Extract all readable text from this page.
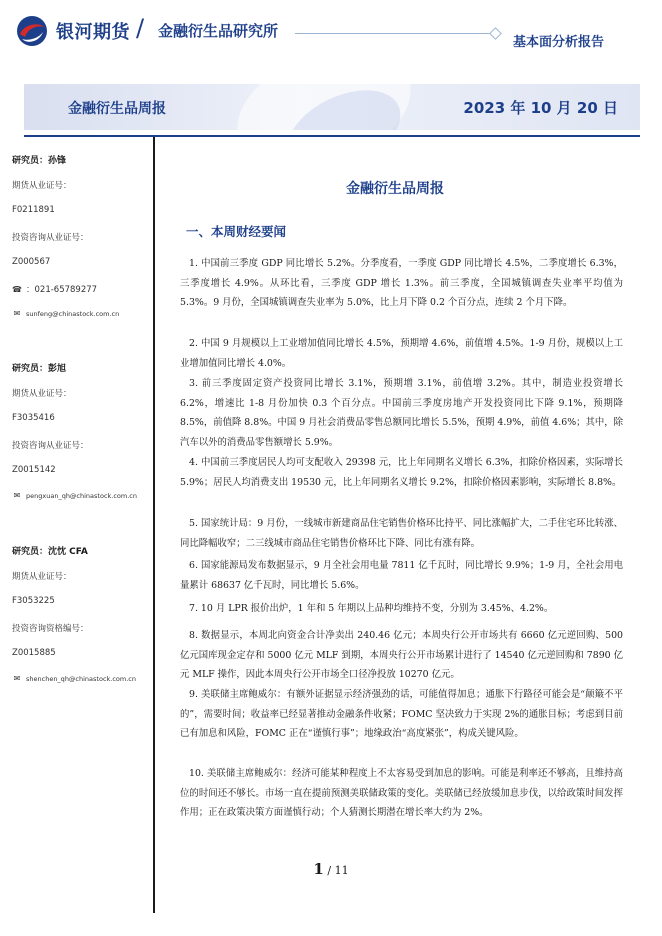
银河期货 / 金融衍生品研究所
基本面分析报告
金融衍生品周报	2023 年 10 月 20 日
研究员：孙锋
期货从业证号：
F0211891
投资咨询从业证号：
Z000567
☎ ：021-65789277
✉ sunfeng@chinastock.com.cn
研究员：彭旭
期货从业证号：
F3035416
投资咨询从业证号：
Z0015142
✉ pengxuan_qh@chinastock.com.cn
研究员：沈忱 CFA
期货从业证号：
F3053225
投资咨询资格编号：
Z0015885
✉ shenchen_qh@chinastock.com.cn
金融衍生品周报
一、本周财经要闻

1. 中国前三季度 GDP 同比增长 5.2%。分季度看，一季度 GDP 同比增长 4.5%，二季度增长 6.3%，三季度增长 4.9%。从环比看，三季度 GDP 增长 1.3%。前三季度，全国城镇调查失业率平均值为 5.3%。9 月份，全国城镇调查失业率为 5.0%，比上月下降 0.2 个百分点，连续 2 个月下降。

2. 中国 9 月规模以上工业增加值同比增长 4.5%，预期增 4.6%，前值增 4.5%。1-9 月份，规模以上工业增加值同比增长 4.0%。

3. 前三季度固定资产投资同比增长 3.1%，预期增 3.1%，前值增 3.2%。其中，制造业投资增长 6.2%，增速比 1-8 月份加快 0.3 个百分点。中国前三季度房地产开发投资同比下降 9.1%，预期降 8.5%，前值降 8.8%。中国 9 月社会消费品零售总额同比增长 5.5%，预期 4.9%，前值 4.6%；其中，除汽车以外的消费品零售额增长 5.9%。

4. 中国前三季度居民人均可支配收入 29398 元，比上年同期名义增长 6.3%，扣除价格因素，实际增长 5.9%；居民人均消费支出 19530 元，比上年同期名义增长 9.2%，扣除价格因素影响，实际增长 8.8%。

5. 国家统计局：9 月份，一线城市新建商品住宅销售价格环比持平、同比涨幅扩大，二手住宅环比转涨、同比降幅收窄；二三线城市商品住宅销售价格环比下降、同比有涨有降。

6. 国家能源局发布数据显示，9 月全社会用电量 7811 亿千瓦时，同比增长 9.9%；1-9 月，全社会用电量累计 68637 亿千瓦时，同比增长 5.6%。

7. 10 月 LPR 报价出炉，1 年和 5 年期以上品种均维持不变，分别为 3.45%、4.2%。

8. 数据显示，本周北向资金合计净卖出 240.46 亿元；本周央行公开市场共有 6660 亿元逆回购、500 亿元国库现金定存和 5000 亿元 MLF 到期，本周央行公开市场累计进行了 14540 亿元逆回购和 7890 亿元 MLF 操作，因此本周央行公开市场全口径净投放 10270 亿元。

9. 美联储主席鲍威尔：有额外证据显示经济强劲的话，可能值得加息；通胀下行路径可能会是“颠簸不平的”，需要时间；收益率已经显著推动金融条件收紧；FOMC 坚决致力于实现 2%的通胀目标；考虑到目前已有加息和风险，FOMC 正在“谨慎行事”；地缘政治“高度紧张”，构成关键风险。

10. 美联储主席鲍威尔：经济可能某种程度上不太容易受到加息的影响。可能是利率还不够高，且维持高位的时间还不够长。市场一直在提前预测美联储政策的变化。美联储已经放缓加息步伐，以给政策时间发挥作用；正在政策决策方面谨慎行动；个人猜测长期潜在增长率大约为 2%。

1 / 11
